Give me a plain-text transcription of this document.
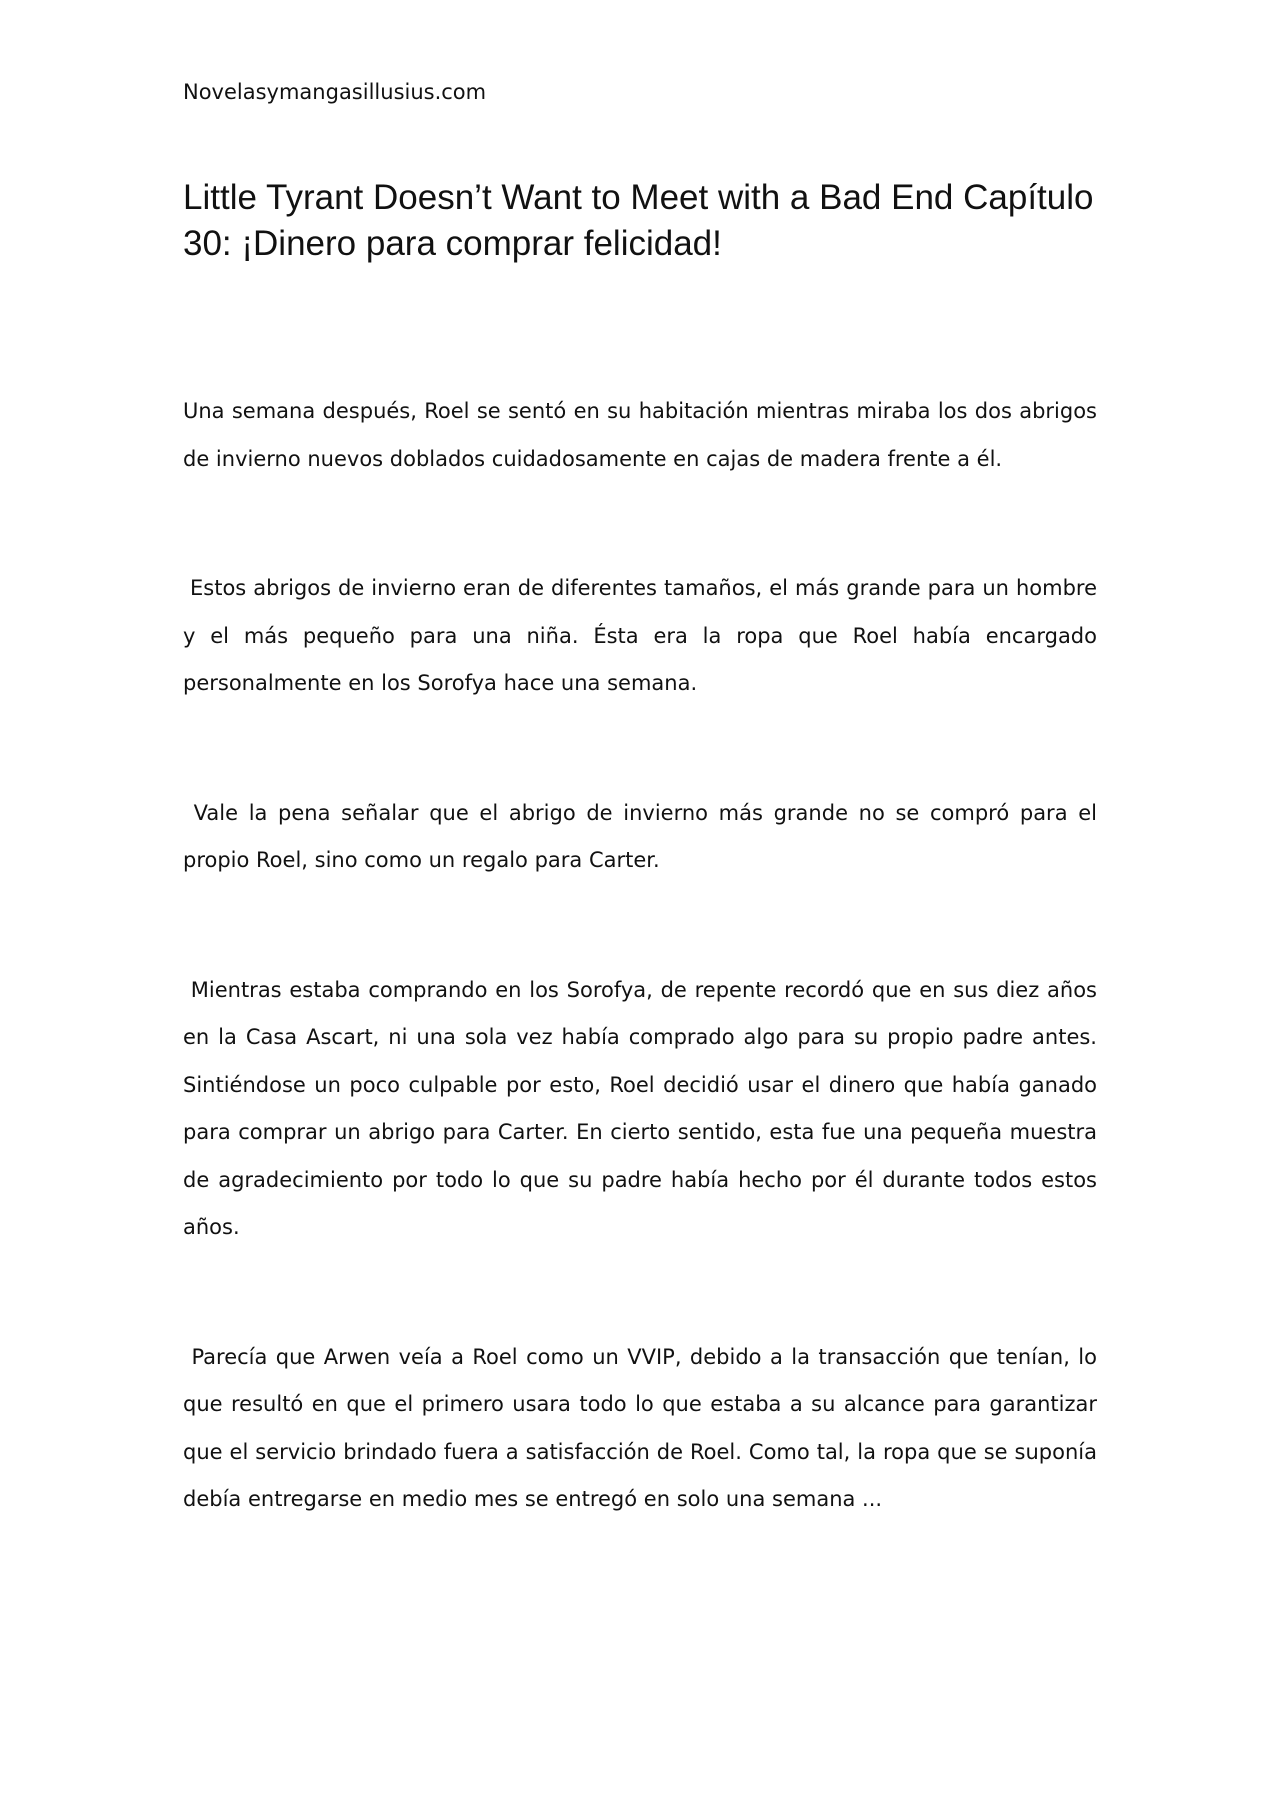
Novelasymangasillusius.com
Little Tyrant Doesn’t Want to Meet with a Bad End Capítulo 30: ¡Dinero para comprar felicidad!

Una semana después, Roel se sentó en su habitación mientras miraba los dos abrigos de invierno nuevos doblados cuidadosamente en cajas de madera frente a él.

Estos abrigos de invierno eran de diferentes tamaños, el más grande para un hombre y el más pequeño para una niña. Ésta era la ropa que Roel había encargado personalmente en los Sorofya hace una semana.

Vale la pena señalar que el abrigo de invierno más grande no se compró para el propio Roel, sino como un regalo para Carter.

Mientras estaba comprando en los Sorofya, de repente recordó que en sus diez años en la Casa Ascart, ni una sola vez había comprado algo para su propio padre antes. Sintiéndose un poco culpable por esto, Roel decidió usar el dinero que había ganado para comprar un abrigo para Carter. En cierto sentido, esta fue una pequeña muestra de agradecimiento por todo lo que su padre había hecho por él durante todos estos años.

Parecía que Arwen veía a Roel como un VVIP, debido a la transacción que tenían, lo que resultó en que el primero usara todo lo que estaba a su alcance para garantizar que el servicio brindado fuera a satisfacción de Roel. Como tal, la ropa que se suponía debía entregarse en medio mes se entregó en solo una semana ...
